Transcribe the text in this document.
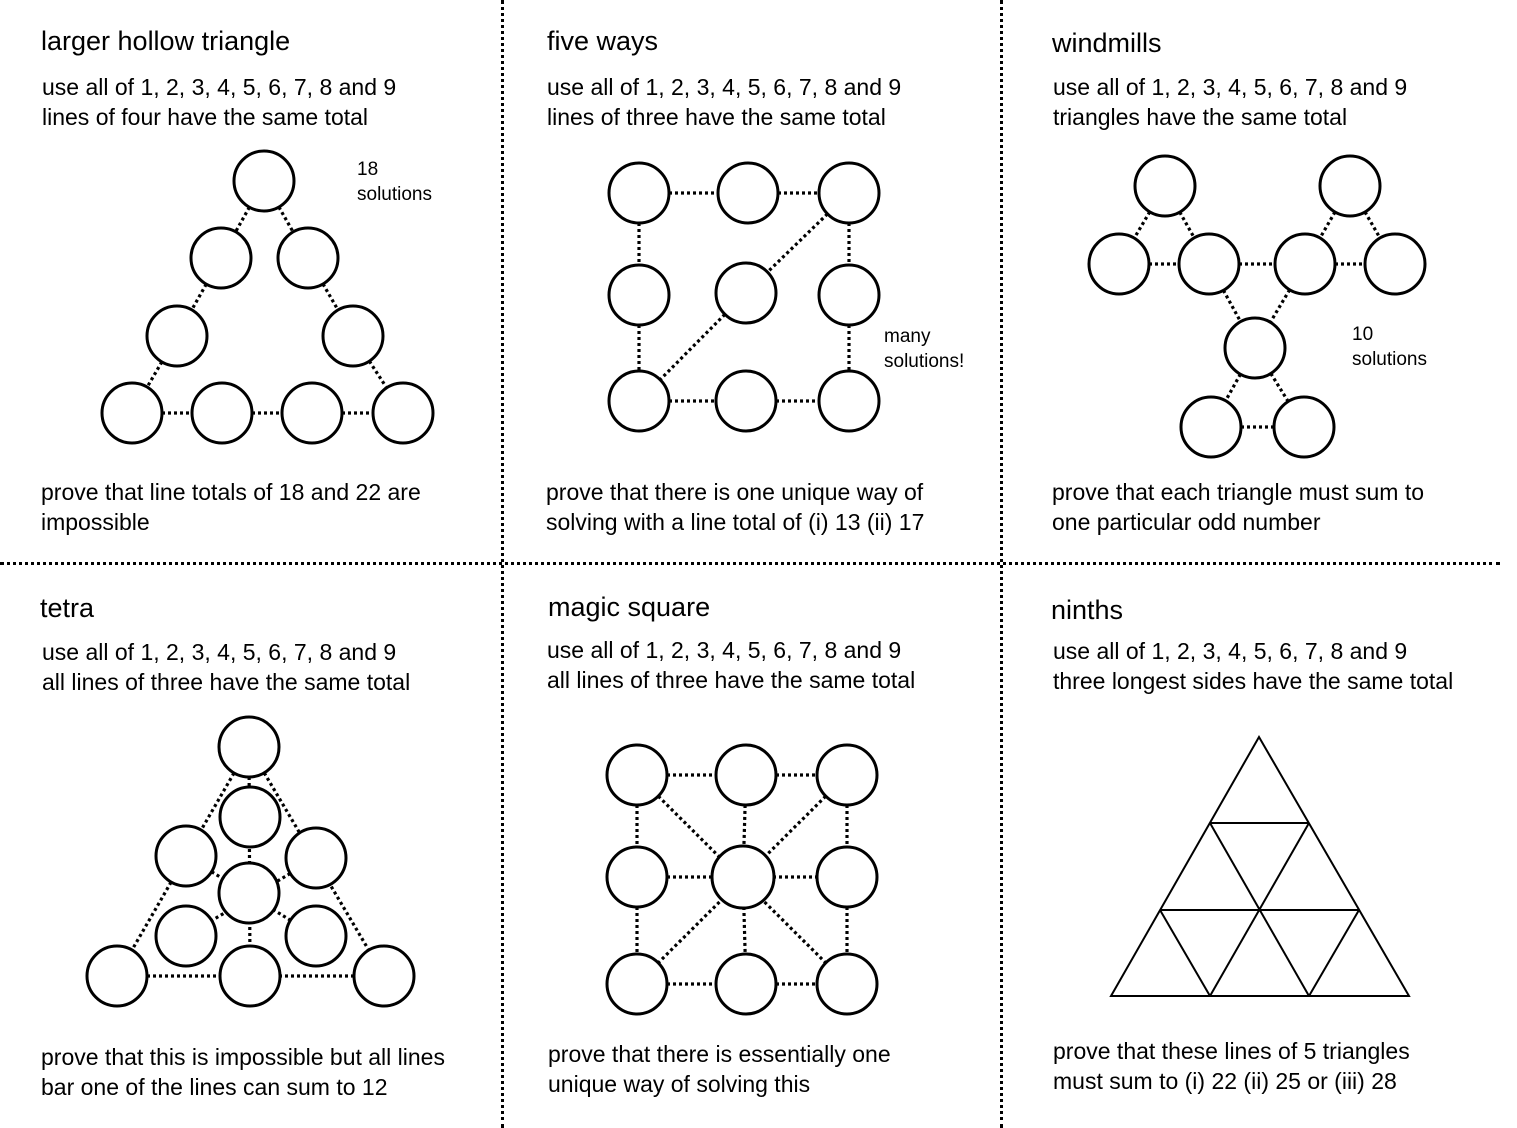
larger hollow triangle
use all of 1, 2, 3, 4, 5, 6, 7, 8 and 9
lines of four have the same total
18
solutions
prove that line totals of 18 and 22 are
impossible
five ways
use all of 1, 2, 3, 4, 5, 6, 7, 8 and 9
lines of three have the same total
many
solutions!
prove that there is one unique way of
solving with a line total of (i) 13 (ii) 17
windmills
use all of 1, 2, 3, 4, 5, 6, 7, 8 and 9
triangles have the same total
10
solutions
prove that each triangle must sum to
one particular odd number
tetra
use all of 1, 2, 3, 4, 5, 6, 7, 8 and 9
all lines of three have the same total
prove that this is impossible but all lines
bar one of the lines can sum to 12
magic square
use all of 1, 2, 3, 4, 5, 6, 7, 8 and 9
all lines of three have the same total
prove that there is essentially one
unique way of solving this
ninths
use all of 1, 2, 3, 4, 5, 6, 7, 8 and 9
three longest sides have the same total
prove that these lines of 5 triangles
must sum to (i) 22 (ii) 25 or (iii) 28
